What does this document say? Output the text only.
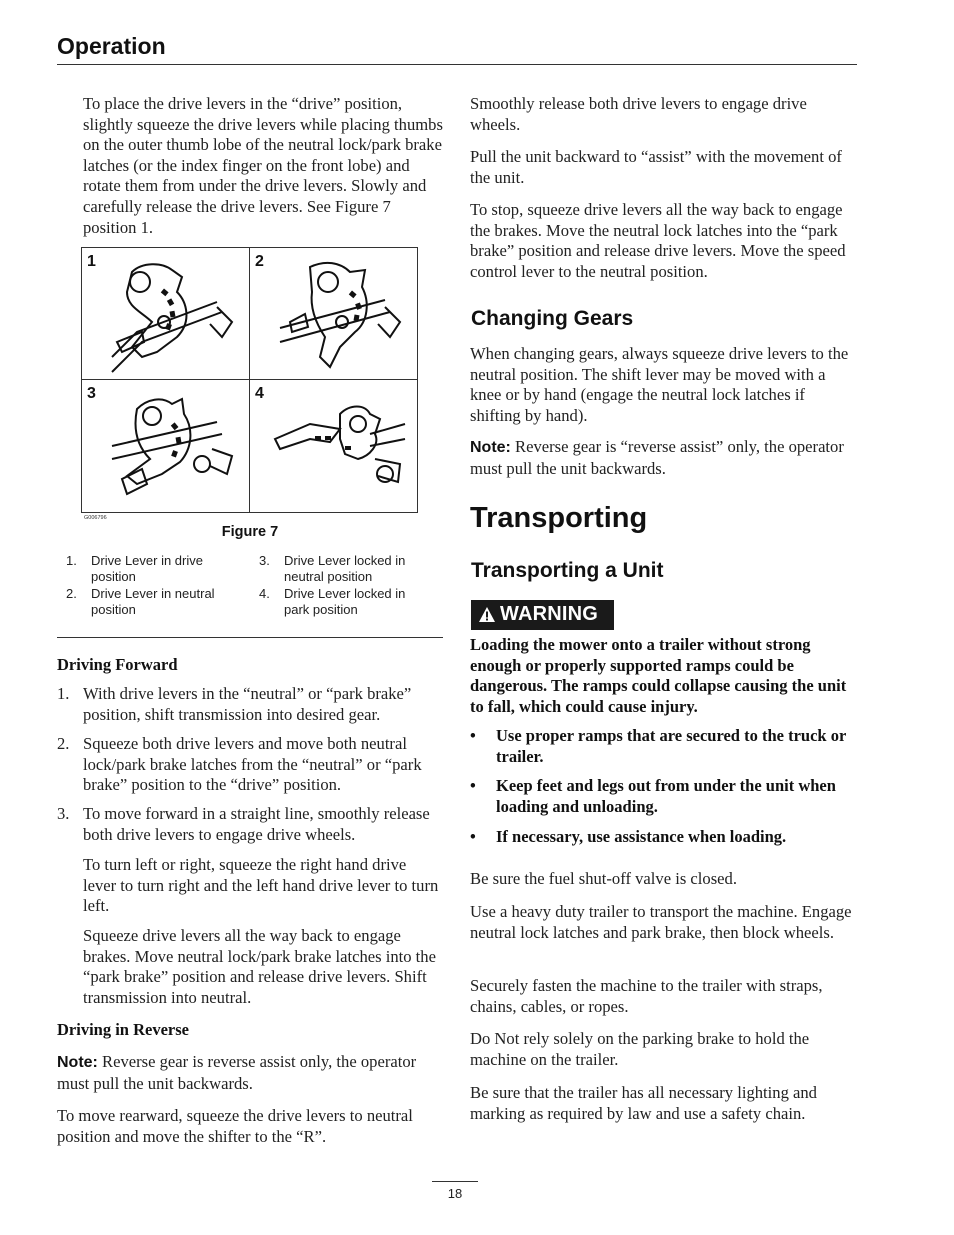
Operation

To place the drive levers in the “drive” position, slightly squeeze the drive levers while placing thumbs on the outer thumb lobe of the neutral lock/park brake latches (or the index finger on the front lobe) and rotate them from under the drive levers. Slowly and carefully release the drive levers. See Figure 7 position 1.

1	2
3	4
G006796
Figure 7
1.	Drive Lever in drive position
3.	Drive Lever locked in neutral position
2.	Drive Lever in neutral position
4.	Drive Lever locked in park position
Driving Forward
1. With drive levers in the “neutral” or “park brake” position, shift transmission into desired gear.
2. Squeeze both drive levers and move both neutral lock/park brake latches from the “neutral” or “park brake” position to the “drive” position.
3. To move forward in a straight line, smoothly release both drive levers to engage drive wheels.

To turn left or right, squeeze the right hand drive lever to turn right and the left hand drive lever to turn left.

Squeeze drive levers all the way back to engage brakes. Move neutral lock/park brake latches into the “park brake” position and release drive levers. Shift transmission into neutral.

Driving in Reverse

Note: Reverse gear is reverse assist only, the operator must pull the unit backwards.

To move rearward, squeeze the drive levers to neutral position and move the shifter to the “R”.

Smoothly release both drive levers to engage drive wheels.

Pull the unit backward to “assist” with the movement of the unit.

To stop, squeeze drive levers all the way back to engage the brakes. Move the neutral lock latches into the “park brake” position and release drive levers. Move the speed control lever to the neutral position.

Changing Gears

When changing gears, always squeeze drive levers to the neutral position. The shift lever may be moved with a knee or by hand (engage the neutral lock latches if shifting by hand).

Note: Reverse gear is “reverse assist” only, the operator must pull the unit backwards.

Transporting
Transporting a Unit
WARNING

Loading the mower onto a trailer without strong enough or properly supported ramps could be dangerous. The ramps could collapse causing the unit to fall, which could cause injury.

• Use proper ramps that are secured to the truck or trailer.
• Keep feet and legs out from under the unit when loading and unloading.
• If necessary, use assistance when loading.

Be sure the fuel shut-off valve is closed.

Use a heavy duty trailer to transport the machine. Engage neutral lock latches and park brake, then block wheels.

Securely fasten the machine to the trailer with straps, chains, cables, or ropes.

Do Not rely solely on the parking brake to hold the machine on the trailer.

Be sure that the trailer has all necessary lighting and marking as required by law and use a safety chain.

18
